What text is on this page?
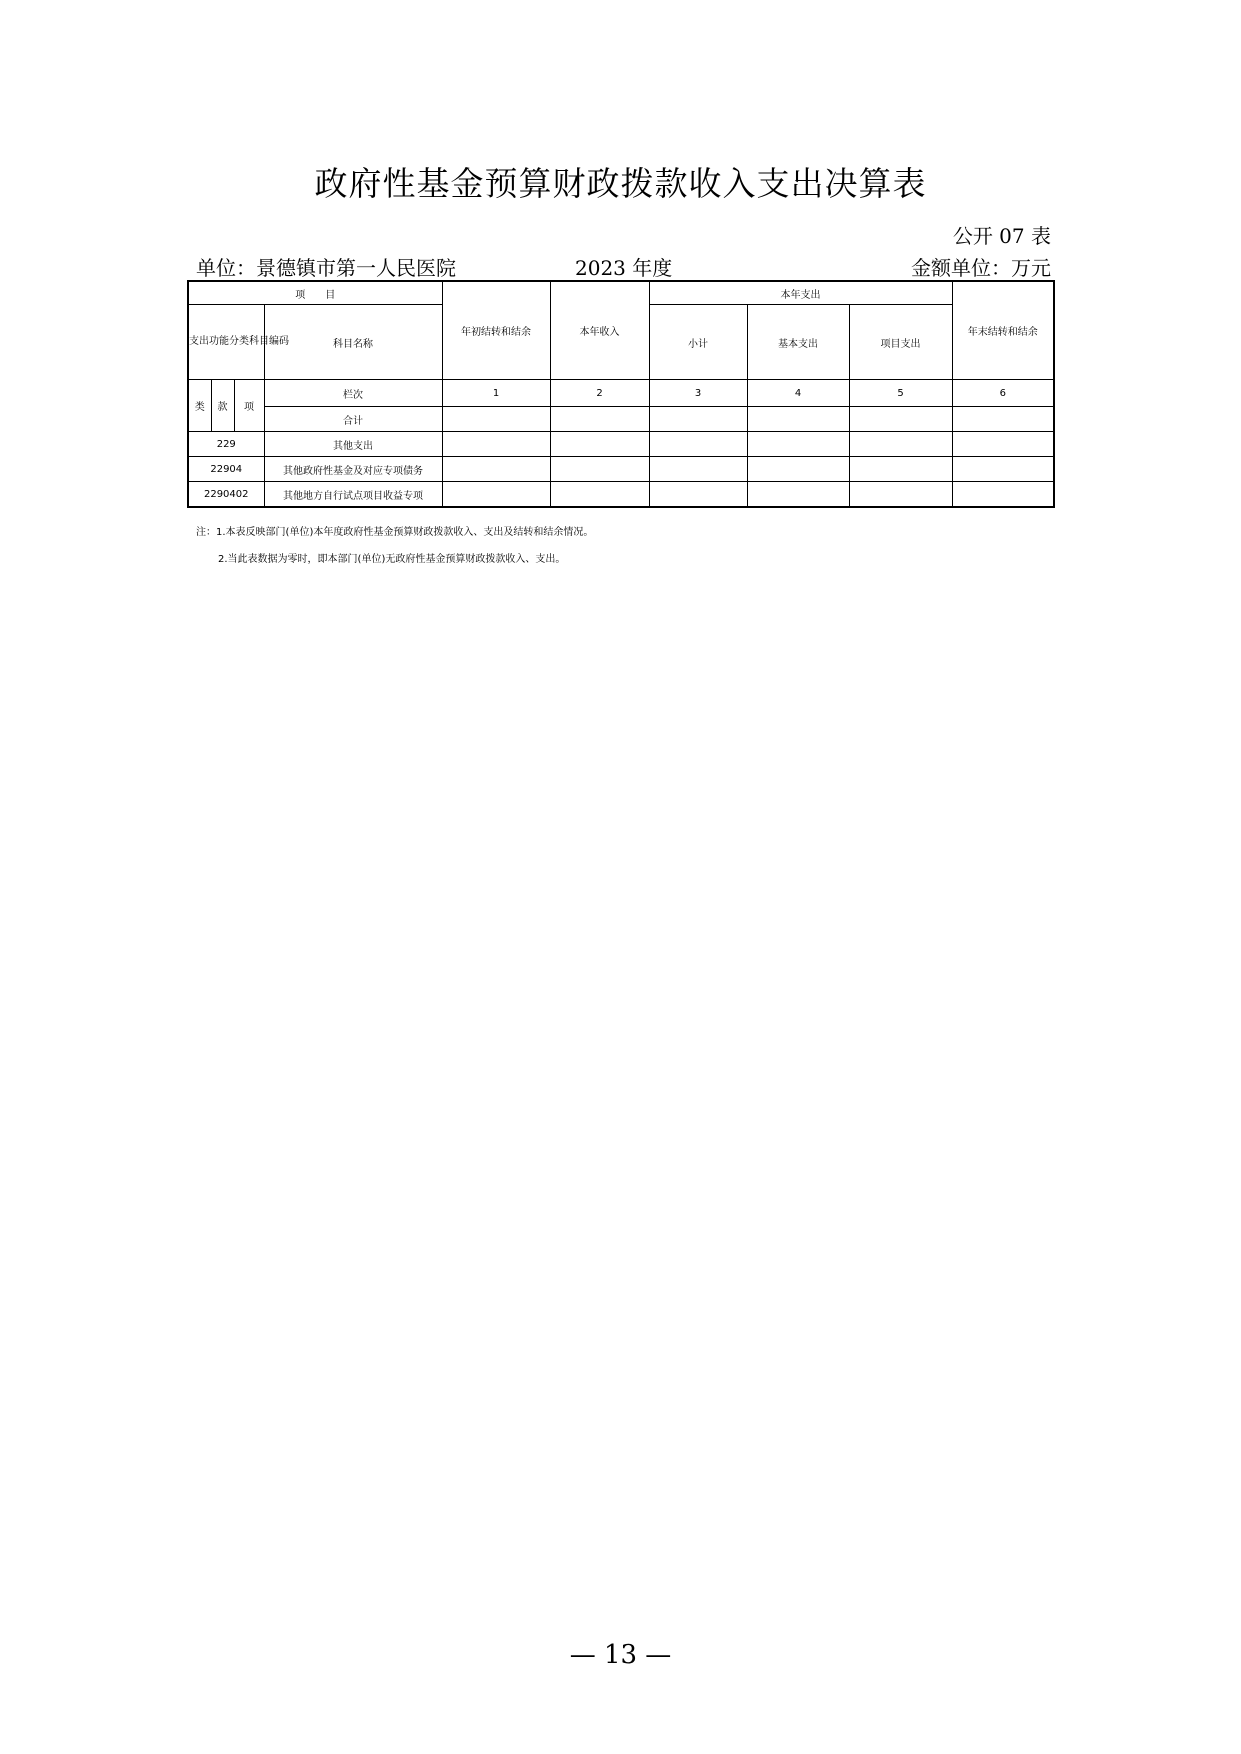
政府性基金预算财政拨款收入支出决算表
公开 07 表
单位：景德镇市第一人民医院	2023 年度	金额单位：万元
项　　目				年初结转和结余	本年收入	本年支出			年末结转和结余
支出功能分类科目编码			科目名称			小计	基本支出	项目支出	
类	款	项	栏次	1	2	3	4	5	6
			合计						
229			其他支出						
22904			其他政府性基金及对应专项债务						
2290402			其他地方自行试点项目收益专项						
注：1.本表反映部门(单位)本年度政府性基金预算财政拨款收入、支出及结转和结余情况。
2.当此表数据为零时，即本部门(单位)无政府性基金预算财政拨款收入、支出。
— 13 —
